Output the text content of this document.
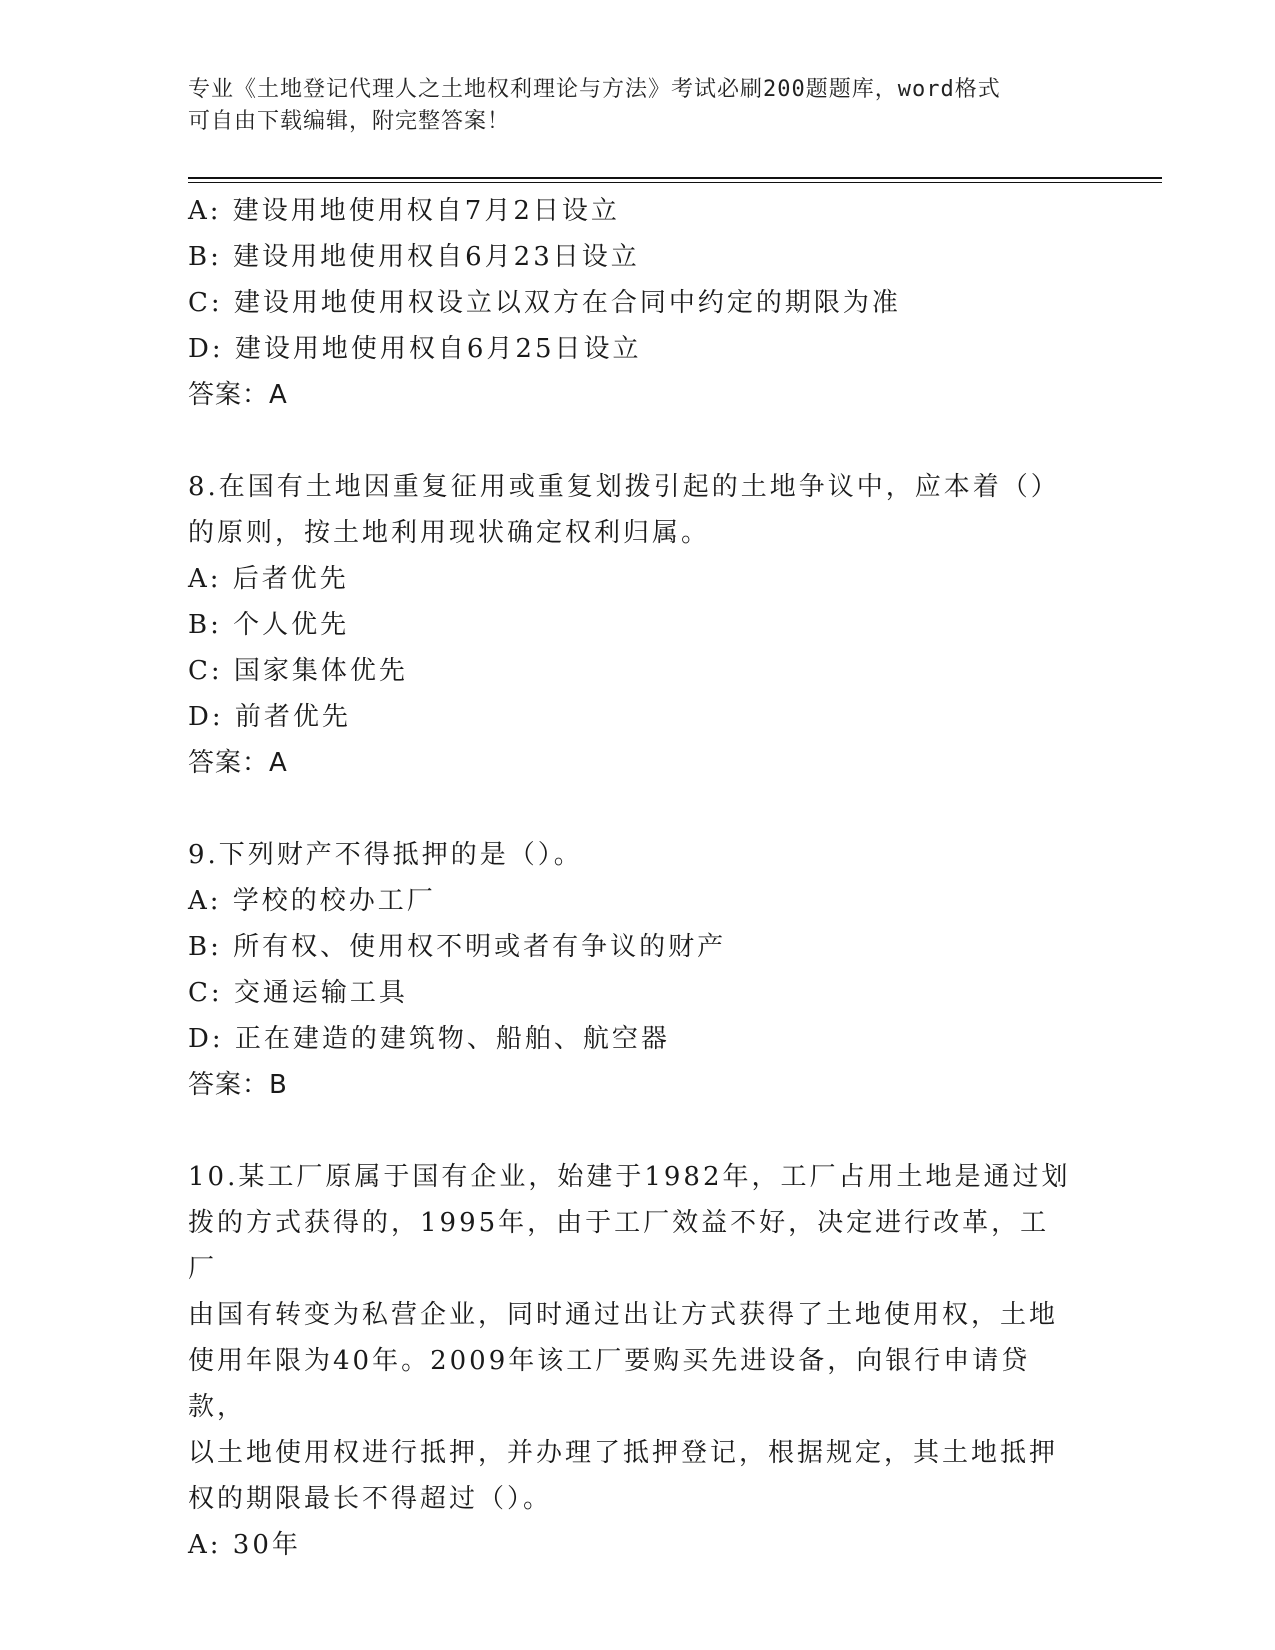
专业《土地登记代理人之土地权利理论与方法》考试必刷200题题库，word格式

可自由下载编辑，附完整答案！

A: 建设用地使用权自7月2日设立

B: 建设用地使用权自6月23日设立

C: 建设用地使用权设立以双方在合同中约定的期限为准

D: 建设用地使用权自6月25日设立

答案：A

8.在国有土地因重复征用或重复划拨引起的土地争议中，应本着（）

的原则，按土地利用现状确定权利归属。

A: 后者优先

B: 个人优先

C: 国家集体优先

D: 前者优先

答案：A

9.下列财产不得抵押的是（）。

A: 学校的校办工厂

B: 所有权、使用权不明或者有争议的财产

C: 交通运输工具

D: 正在建造的建筑物、船舶、航空器

答案：B

10.某工厂原属于国有企业，始建于1982年，工厂占用土地是通过划

拨的方式获得的，1995年，由于工厂效益不好，决定进行改革，工厂

由国有转变为私营企业，同时通过出让方式获得了土地使用权，土地

使用年限为40年。2009年该工厂要购买先进设备，向银行申请贷款，

以土地使用权进行抵押，并办理了抵押登记，根据规定，其土地抵押

权的期限最长不得超过（）。

A: 30年
